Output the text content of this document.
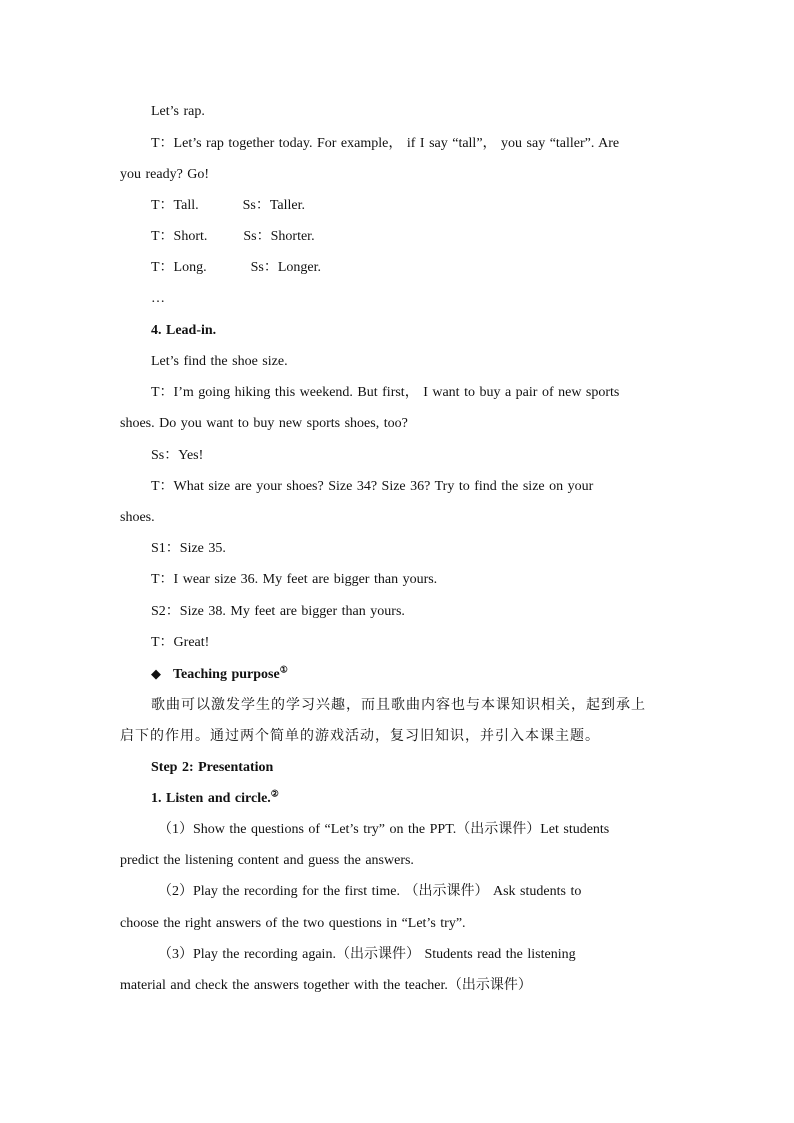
Let’s rap.
T：Let’s rap together today. For example， if I say “tall”， you say “taller”. Are
you ready? Go!
T：Tall.	Ss：Taller.
T：Short.	Ss：Shorter.
T：Long.	Ss：Longer.
…
4. Lead-in.
Let’s find the shoe size.
T：I’m going hiking this weekend. But first， I want to buy a pair of new sports
shoes. Do you want to buy new sports shoes, too?
Ss：Yes!
T：What size are your shoes? Size 34? Size 36? Try to find the size on your
shoes.
S1：Size 35.
T：I wear size 36. My feet are bigger than yours.
S2：Size 38. My feet are bigger than yours.
T：Great!
◆ Teaching purpose①
歌曲可以激发学生的学习兴趣，而且歌曲内容也与本课知识相关，起到承上
启下的作用。通过两个简单的游戏活动，复习旧知识，并引入本课主题。
Step 2: Presentation
1. Listen and circle.②
（1）Show the questions of “Let’s try” on the PPT.（出示课件）Let students
predict the listening content and guess the answers.
（2）Play the recording for the first time. （出示课件） Ask students to
choose the right answers of the two questions in “Let’s try”.
（3）Play the recording again.（出示课件） Students read the listening
material and check the answers together with the teacher.（出示课件）
